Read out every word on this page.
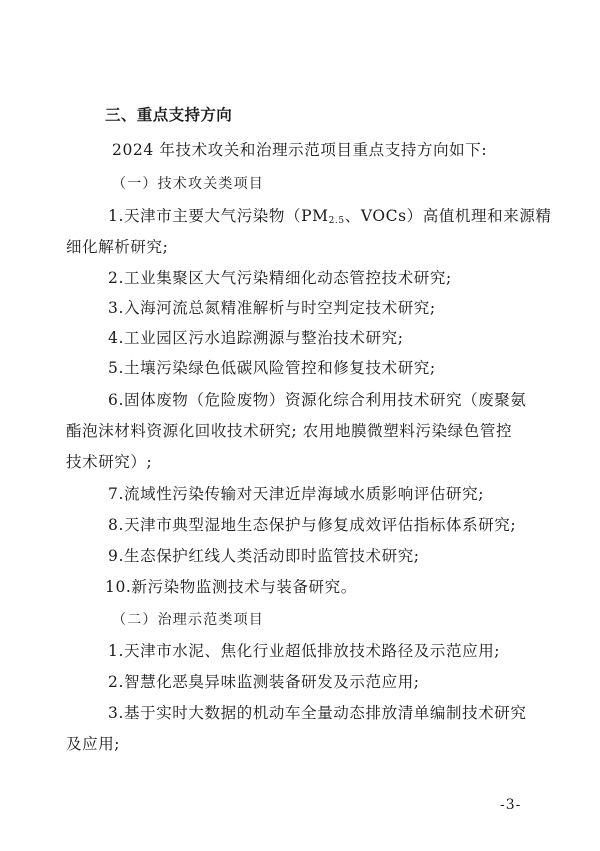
三、重点支持方向
2024 年技术攻关和治理示范项目重点支持方向如下:
（一）技术攻关类项目
1.天津市主要大气污染物（$PM_{2.5}$、VOCs）高值机理和来源精
细化解析研究;
2.工业集聚区大气污染精细化动态管控技术研究;
3.入海河流总氮精准解析与时空判定技术研究;
4.工业园区污水追踪溯源与整治技术研究;
5.土壤污染绿色低碳风险管控和修复技术研究;
6.固体废物（危险废物）资源化综合利用技术研究（废聚氨
酯泡沫材料资源化回收技术研究; 农用地膜微塑料污染绿色管控
技术研究）;
7.流域性污染传输对天津近岸海域水质影响评估研究;
8.天津市典型湿地生态保护与修复成效评估指标体系研究;
9.生态保护红线人类活动即时监管技术研究;
10.新污染物监测技术与装备研究。
（二）治理示范类项目
1.天津市水泥、焦化行业超低排放技术路径及示范应用;
2.智慧化恶臭异味监测装备研发及示范应用;
3.基于实时大数据的机动车全量动态排放清单编制技术研究
及应用;
-3-
